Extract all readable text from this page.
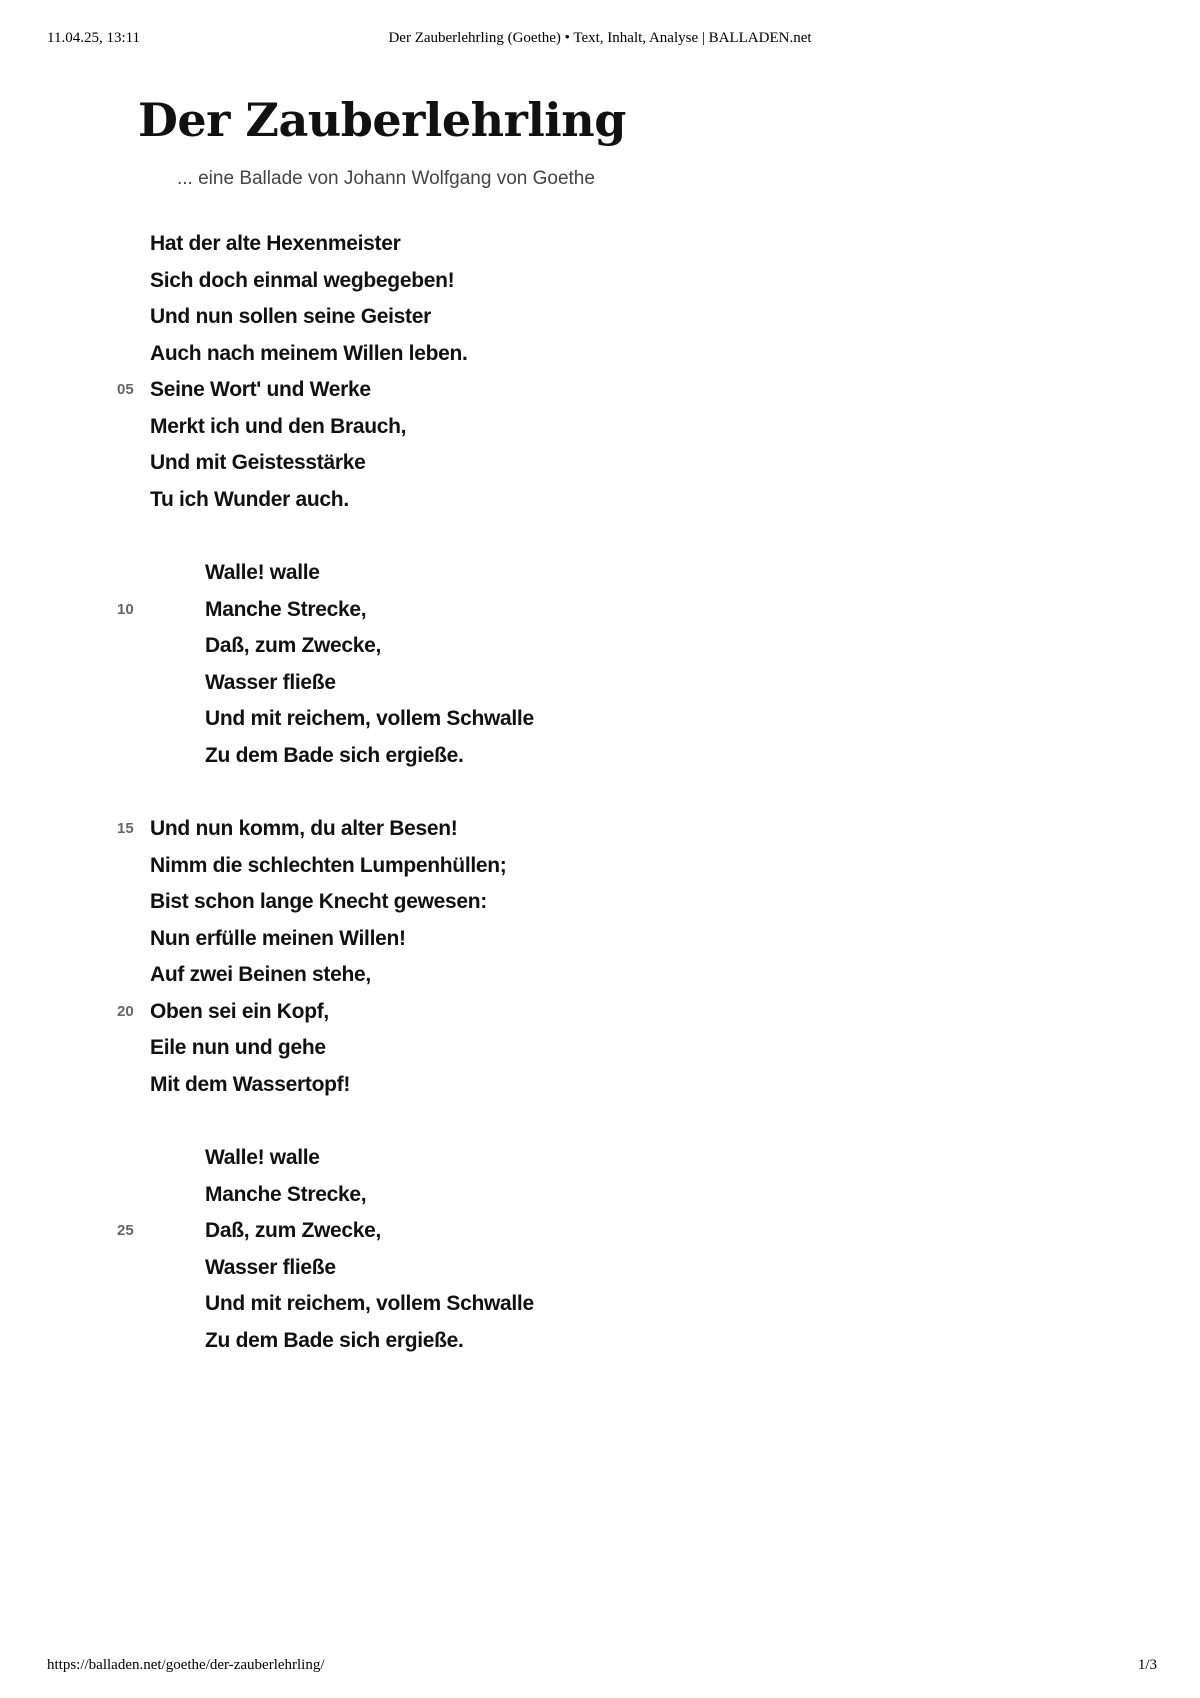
11.04.25, 13:11	Der Zauberlehrling (Goethe) • Text, Inhalt, Analyse | BALLADEN.net
Der Zauberlehrling

... eine Ballade von Johann Wolfgang von Goethe

Hat der alte Hexenmeister
Sich doch einmal wegbegeben!
Und nun sollen seine Geister
Auch nach meinem Willen leben.
05 Seine Wort' und Werke
Merkt ich und den Brauch,
Und mit Geistesstärke
Tu ich Wunder auch.
Walle! walle
10	Manche Strecke,
Daß, zum Zwecke,
Wasser fließe
Und mit reichem, vollem Schwalle
Zu dem Bade sich ergieße.
15 Und nun komm, du alter Besen!
Nimm die schlechten Lumpenhüllen;
Bist schon lange Knecht gewesen:
Nun erfülle meinen Willen!
Auf zwei Beinen stehe,
20 Oben sei ein Kopf,
Eile nun und gehe
Mit dem Wassertopf!
Walle! walle
Manche Strecke,
25	Daß, zum Zwecke,
Wasser fließe
Und mit reichem, vollem Schwalle
Zu dem Bade sich ergieße.
https://balladen.net/goethe/der-zauberlehrling/	1/3
